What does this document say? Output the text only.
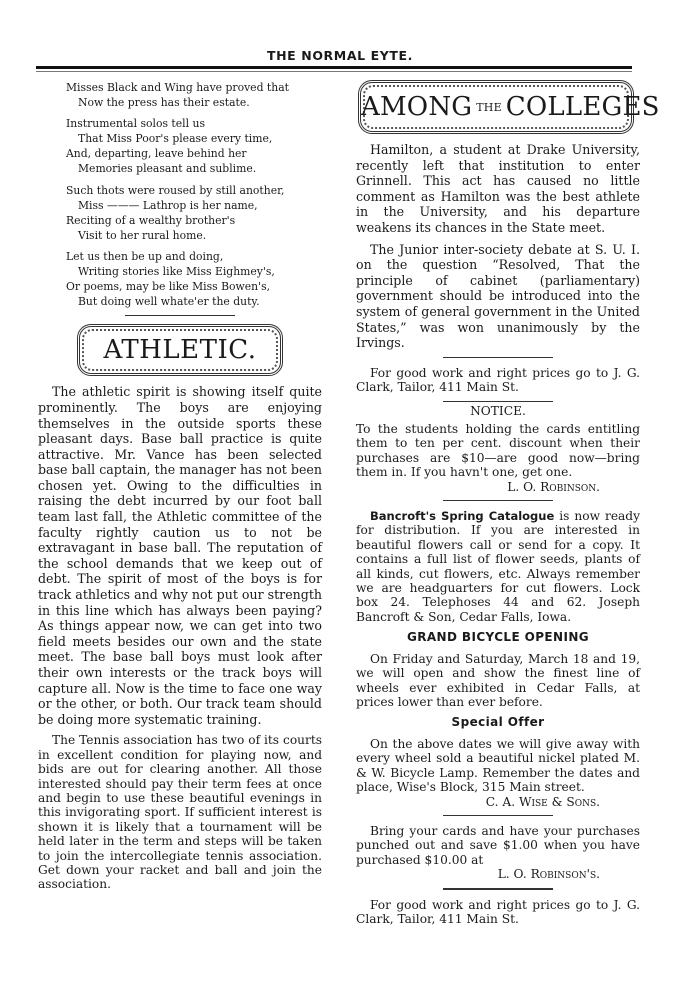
THE NORMAL EYTE.
Misses Black and Wing have proved that
Now the press has their estate.
Instrumental solos tell us
That Miss Poor's please every time,
And, departing, leave behind her
Memories pleasant and sublime.
Such thots were roused by still another,
Miss ——— Lathrop is her name,
Reciting of a wealthy brother's
Visit to her rural home.
Let us then be up and doing,
Writing stories like Miss Eighmey's,
Or poems, may be like Miss Bowen's,
But doing well whate'er the duty.
ATHLETIC.

The athletic spirit is showing itself quite prominently. The boys are enjoying themselves in the outside sports these pleasant days. Base ball practice is quite attractive. Mr. Vance has been selected base ball captain, the manager has not been chosen yet. Owing to the difficulties in raising the debt incurred by our foot ball team last fall, the Athletic committee of the faculty rightly caution us to not be extravagant in base ball. The reputation of the school demands that we keep out of debt. The spirit of most of the boys is for track athletics and why not put our strength in this line which has always been paying? As things appear now, we can get into two field meets besides our own and the state meet. The base ball boys must look after their own interests or the track boys will capture all. Now is the time to face one way or the other, or both. Our track team should be doing more systematic training.

The Tennis association has two of its courts in excellent condition for playing now, and bids are out for clearing another. All those interested should pay their term fees at once and begin to use these beautiful evenings in this invigorating sport. If sufficient interest is shown it is likely that a tournament will be held later in the term and steps will be taken to join the intercollegiate tennis association. Get down your racket and ball and join the association.

AMONG THE COLLEGES

Hamilton, a student at Drake University, recently left that institution to enter Grinnell. This act has caused no little comment as Hamilton was the best athlete in the University, and his departure weakens its chances in the State meet.

The Junior inter-society debate at S. U. I. on the question “Resolved, That the principle of cabinet (parliamentary) government should be introduced into the system of general government in the United States,” was won unanimously by the Irvings.

For good work and right prices go to J. G. Clark, Tailor, 411 Main St.

NOTICE.

To the students holding the cards entitling them to ten per cent. discount when their purchases are $10—are good now—bring them in. If you havn't one, get one.

L. O. Robinson.

Bancroft's Spring Catalogue is now ready for distribution. If you are interested in beautiful flowers call or send for a copy. It contains a full list of flower seeds, plants of all kinds, cut flowers, etc. Always remember we are headguarters for cut flowers. Lock box 24. Telephoses 44 and 62. Joseph Bancroft & Son, Cedar Falls, Iowa.

GRAND BICYCLE OPENING

On Friday and Saturday, March 18 and 19, we will open and show the finest line of wheels ever exhibited in Cedar Falls, at prices lower than ever before.

Special Offer

On the above dates we will give away with every wheel sold a beautiful nickel plated M. & W. Bicycle Lamp. Remember the dates and place, Wise's Block, 315 Main street.

C. A. Wise & Sons.

Bring your cards and have your purchases punched out and save $1.00 when you have purchased $10.00 at

L. O. Robinson's.

For good work and right prices go to J. G. Clark, Tailor, 411 Main St.
